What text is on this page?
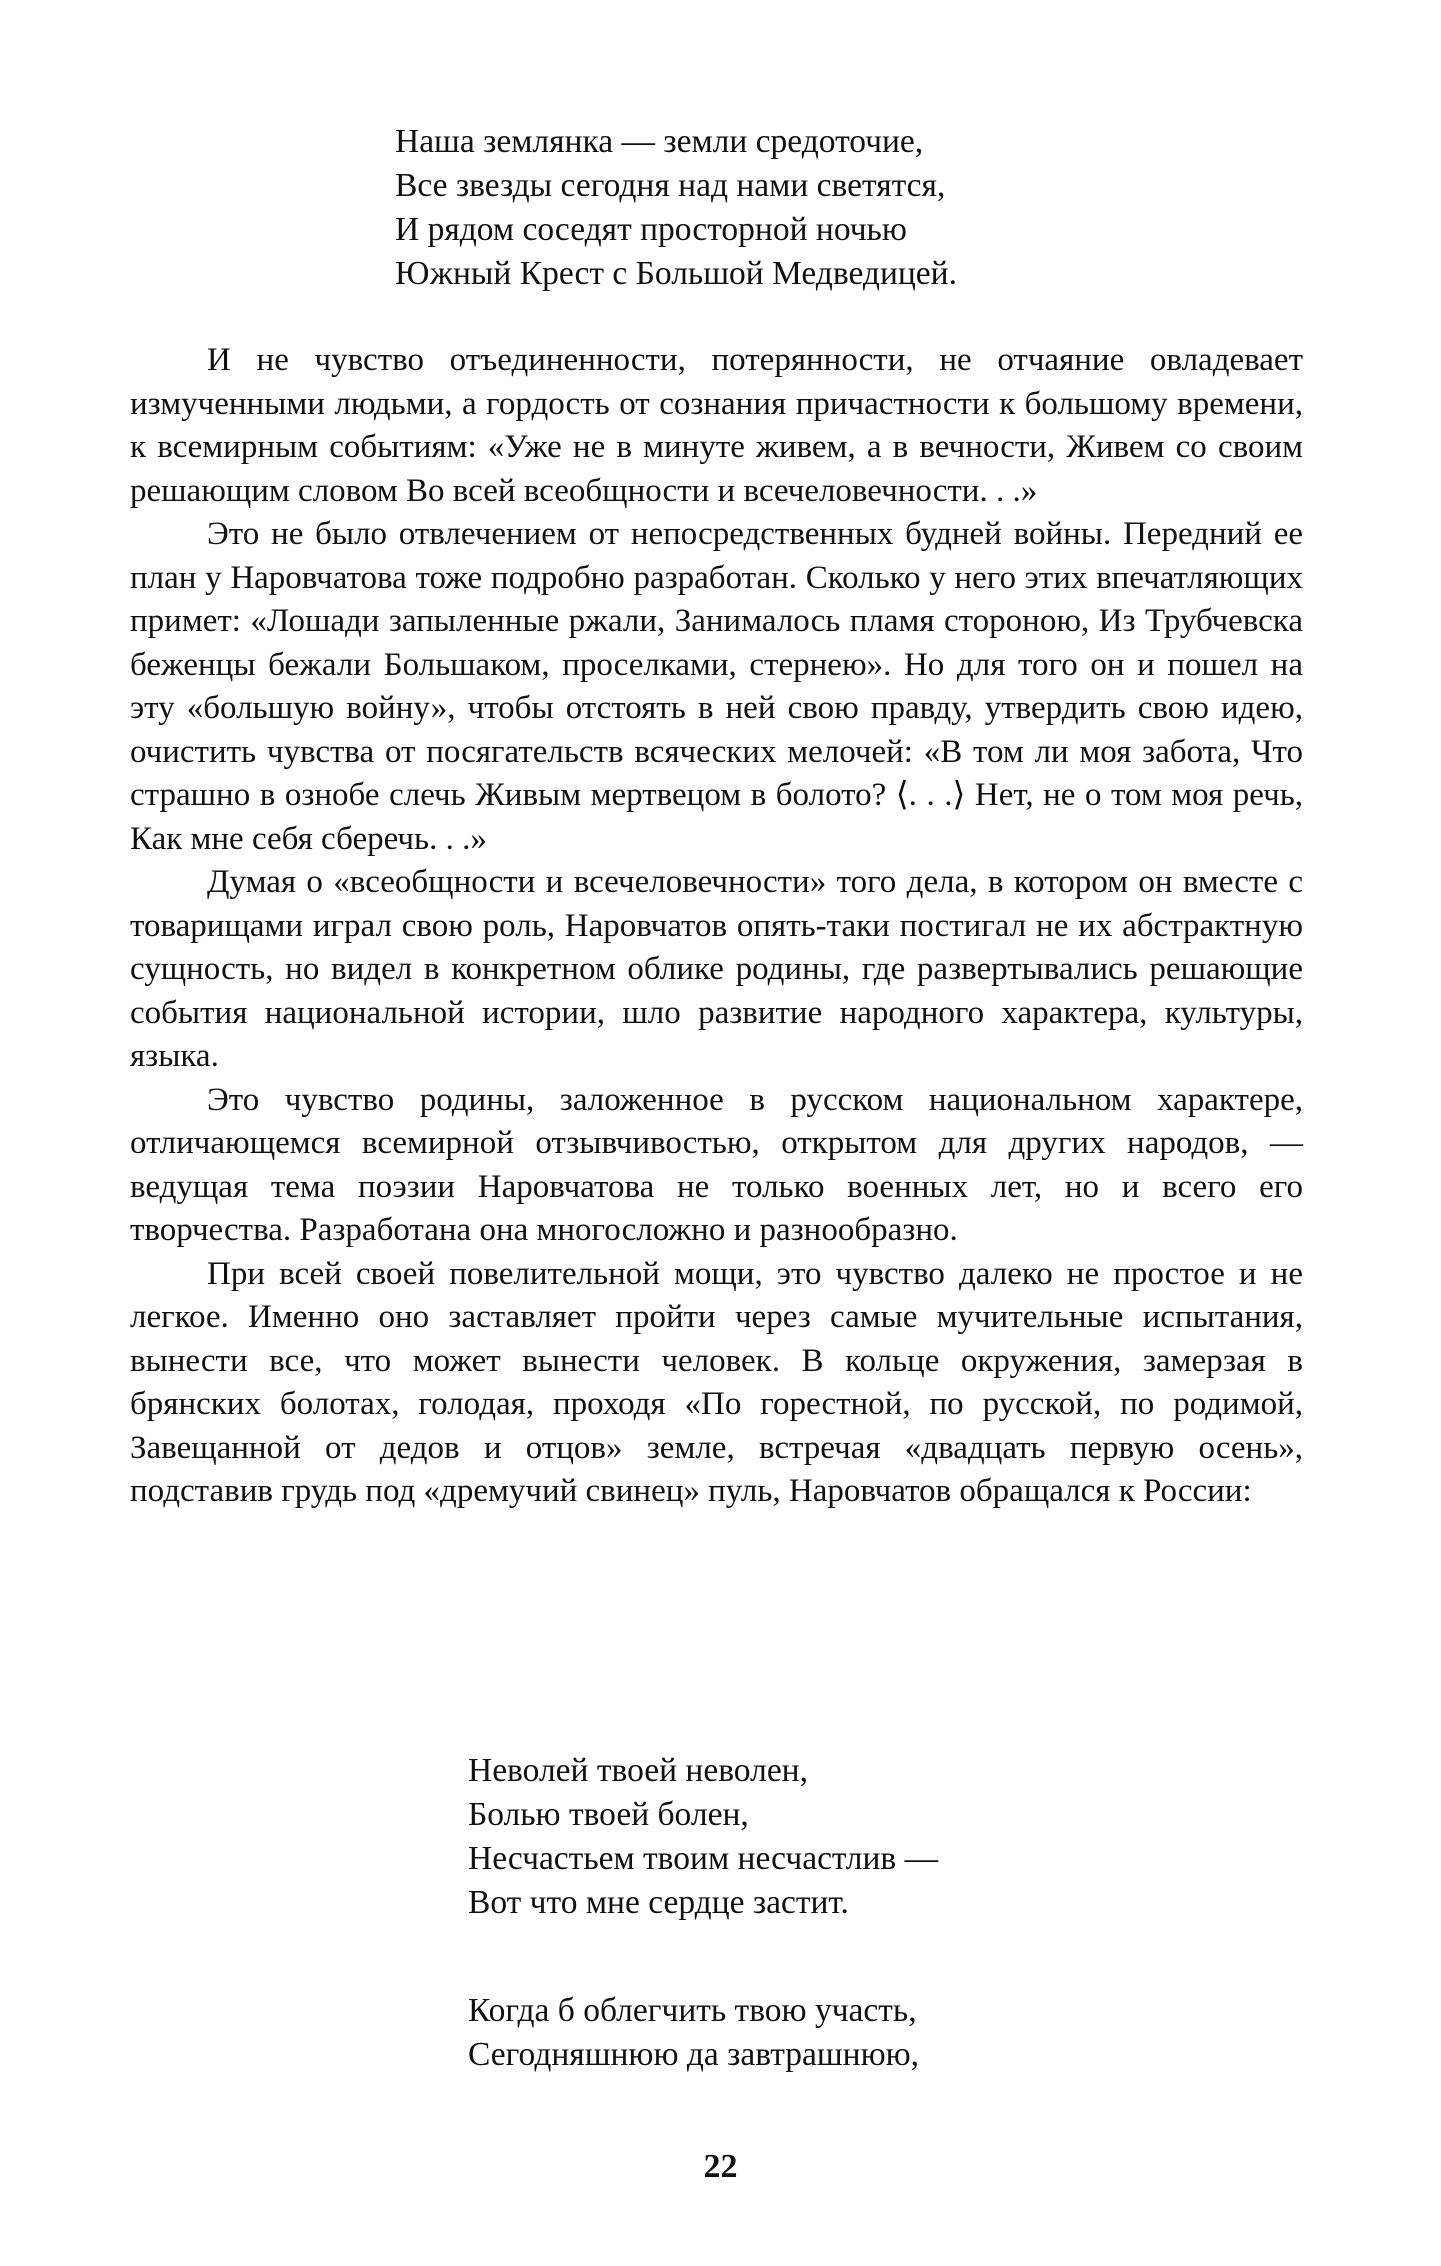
Наша землянка — земли средоточие,
Все звезды сегодня над нами светятся,
И рядом соседят просторной ночью
Южный Крест с Большой Медведицей.

И не чувство отъединенности, потерянности, не отчаяние овладевает измученными людьми, а гордость от сознания причастности к большому времени, к всемирным событиям: «Уже не в минуте живем, а в вечности, Живем со своим решающим словом Во всей всеобщности и всечеловечности. . .»

Это не было отвлечением от непосредственных будней войны. Передний ее план у Наровчатова тоже подробно разработан. Сколько у него этих впечатляющих примет: «Лошади запыленные ржали, Занималось пламя стороною, Из Трубчевска беженцы бежали Большаком, проселками, стернею». Но для того он и пошел на эту «большую войну», чтобы отстоять в ней свою правду, утвердить свою идею, очистить чувства от посягательств всяческих мелочей: «В том ли моя забота, Что страшно в ознобе слечь Живым мертвецом в болото? ⟨. . .⟩ Нет, не о том моя речь, Как мне себя сберечь. . .»

Думая о «всеобщности и всечеловечности» того дела, в котором он вместе с товарищами играл свою роль, Наровчатов опять-таки постигал не их абстрактную сущность, но видел в конкретном облике родины, где развертывались решающие события национальной истории, шло развитие народного характера, культуры, языка.

Это чувство родины, заложенное в русском национальном характере, отличающемся всемирной отзывчивостью, открытом для других народов, — ведущая тема поэзии Наровчатова не только военных лет, но и всего его творчества. Разработана она многосложно и разнообразно.

При всей своей повелительной мощи, это чувство далеко не простое и не легкое. Именно оно заставляет пройти через самые мучительные испытания, вынести все, что может вынести человек. В кольце окружения, замерзая в брянских болотах, голодая, проходя «По горестной, по русской, по родимой, Завещанной от дедов и отцов» земле, встречая «двадцать первую осень», подставив грудь под «дремучий свинец» пуль, Наровчатов обращался к России:

Неволей твоей неволен,
Болью твоей болен,
Несчастьем твоим несчастлив —
Вот что мне сердце застит.
Когда б облегчить твою участь,
Сегодняшнюю да завтрашнюю,
22
